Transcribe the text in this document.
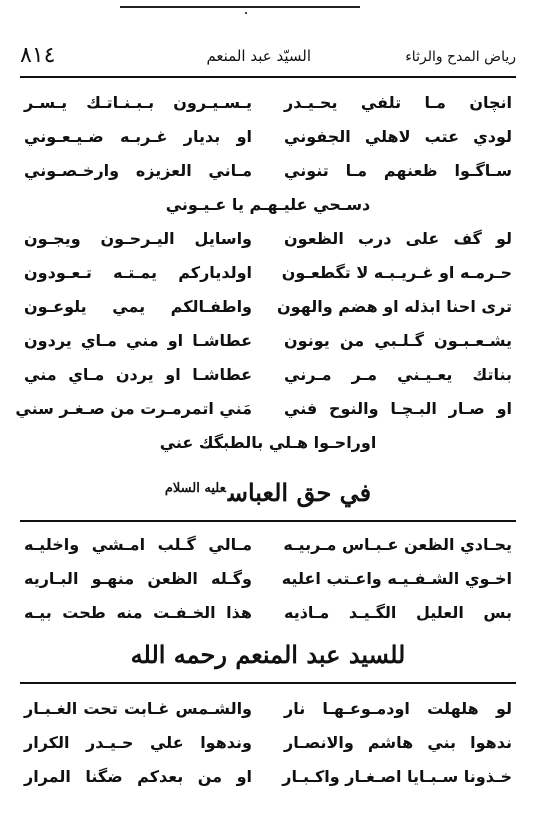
رياض المدح والرثاء
السيّد عبد المنعم
٨١٤
انچان مـا تلفي يحـيـدر
يـسـيـرون بـبـنـاتـك يـسـر
لودي عتب لاهلي الجفوني
او بديار غـربـه ضـيـعـوني
سـاگـوا ظعنهم مـا تنوني
مـاني العزيزه وارخـصـوني
دسـحي عليـهـم يا عـيـوني
لو گف على درب الظعون
واسايل اليـرحـون ويجـون
حـرمـه او غـريـبـه لا تگطعـون
اولدياركم يمـتـه تـعـودون
ترى احنا ابذله او هضم والهون
واطفـالكم يمي يلوعـون
يشـعـبـون گـلـبي من يونون
عطاشـا او مني مـاي يردون
بناتك يعـيـني مـر مـرني
عطاشـا او يردن مـاي مني
او صـار البـچـا والنوح فني
مَني اتمرمـرت من صـغـر سني
اوراحـوا هـلي بالطبگك عني
في حق العباس$^{عليه السلام}$
يحـادي الظعن عـبـاس مـربيـه
مـالي گـلب امـشي واخليـه
اخـوي الشـفـيـه واعـتب اعليه
وگـله الظعن منهـو البـاريه
بس العليل الگـيـد مـاذيه
هذا الخـفـت منه طحت بيـه
للسيد عبد المنعم رحمه الله
لو هلهلت اودمـوعـهـا نار
والشـمس غـابت تحت الغـبـار
ندهوا بني هاشم والانصـار
وندهوا علي حـيـدر الكرار
خـذونا سـبـايا اصـغـار واكـبـار
او من بعدكم ضگنا المرار
